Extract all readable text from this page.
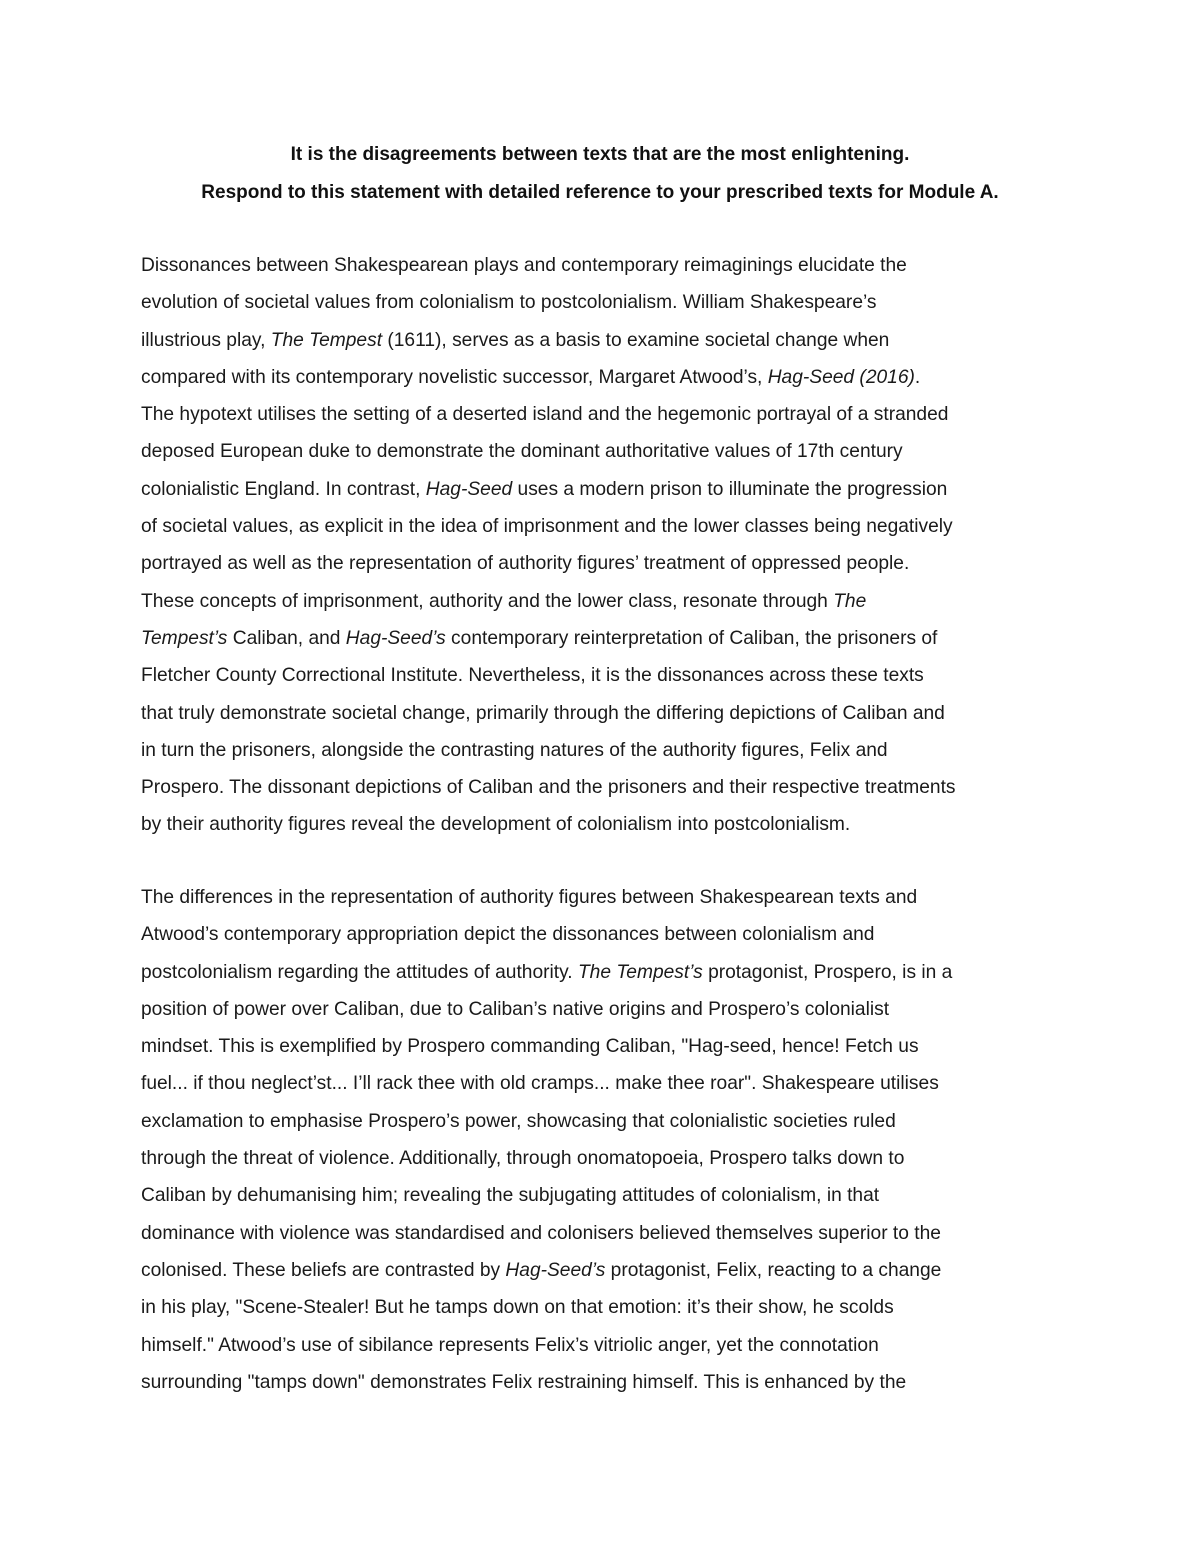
It is the disagreements between texts that are the most enlightening.
Respond to this statement with detailed reference to your prescribed texts for Module A.

Dissonances between Shakespearean plays and contemporary reimaginings elucidate the
evolution of societal values from colonialism to postcolonialism. William Shakespeare’s
illustrious play, The Tempest (1611), serves as a basis to examine societal change when
compared with its contemporary novelistic successor, Margaret Atwood’s, Hag-Seed (2016).
The hypotext utilises the setting of a deserted island and the hegemonic portrayal of a stranded
deposed European duke to demonstrate the dominant authoritative values of 17th century
colonialistic England. In contrast, Hag-Seed uses a modern prison to illuminate the progression
of societal values, as explicit in the idea of imprisonment and the lower classes being negatively
portrayed as well as the representation of authority figures’ treatment of oppressed people.
These concepts of imprisonment, authority and the lower class, resonate through The
Tempest’s Caliban, and Hag-Seed’s contemporary reinterpretation of Caliban, the prisoners of
Fletcher County Correctional Institute. Nevertheless, it is the dissonances across these texts
that truly demonstrate societal change, primarily through the differing depictions of Caliban and
in turn the prisoners, alongside the contrasting natures of the authority figures, Felix and
Prospero. The dissonant depictions of Caliban and the prisoners and their respective treatments
by their authority figures reveal the development of colonialism into postcolonialism.

The differences in the representation of authority figures between Shakespearean texts and
Atwood’s contemporary appropriation depict the dissonances between colonialism and
postcolonialism regarding the attitudes of authority. The Tempest’s protagonist, Prospero, is in a
position of power over Caliban, due to Caliban’s native origins and Prospero’s colonialist
mindset. This is exemplified by Prospero commanding Caliban, "Hag-seed, hence! Fetch us
fuel... if thou neglect’st... I’ll rack thee with old cramps... make thee roar". Shakespeare utilises
exclamation to emphasise Prospero’s power, showcasing that colonialistic societies ruled
through the threat of violence. Additionally, through onomatopoeia, Prospero talks down to
Caliban by dehumanising him; revealing the subjugating attitudes of colonialism, in that
dominance with violence was standardised and colonisers believed themselves superior to the
colonised. These beliefs are contrasted by Hag-Seed’s protagonist, Felix, reacting to a change
in his play, "Scene-Stealer! But he tamps down on that emotion: it’s their show, he scolds
himself." Atwood’s use of sibilance represents Felix’s vitriolic anger, yet the connotation
surrounding "tamps down" demonstrates Felix restraining himself. This is enhanced by the
